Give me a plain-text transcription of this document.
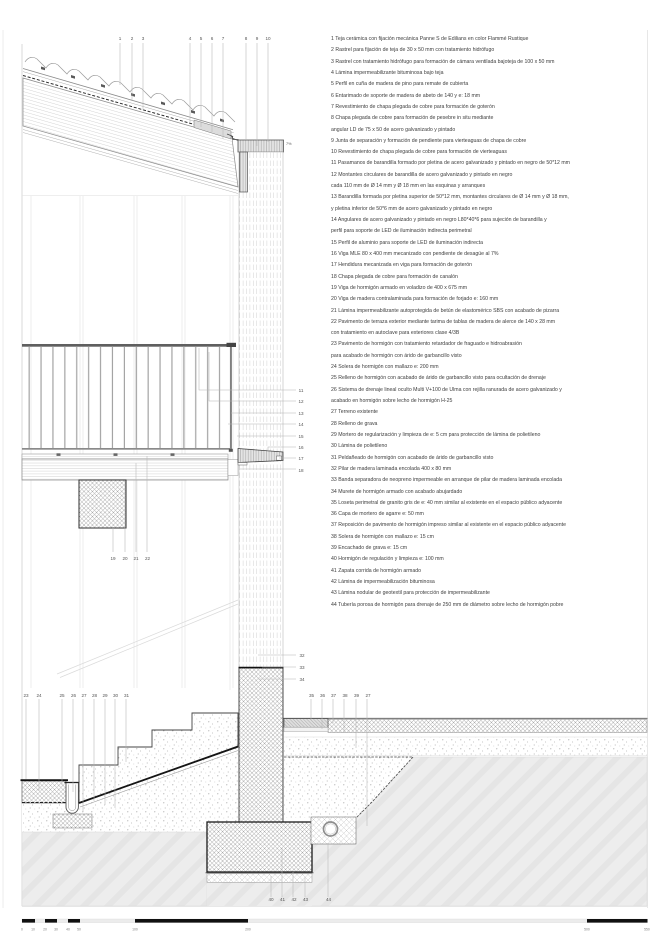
1 2 3	4 5 6 7	8 9 10
11
12
13
14
15
16
17
18
19 20 21 22
23 24	25 26 27 28 29 30 31
32
33
34
35 36 37 38 39 27
40 41 42 43	44
7%
0 10 20 30 40 50	100	200	500	550
1 Teja cerámica con fijación mecánica Panne S de Edilians en color Flammé Rustique
2 Rastrel para fijación de teja de 30 x 50 mm con tratamiento hidrófugo
3 Rastrel con tratamiento hidrófugo para formación de cámara ventilada bajoteja de 100 x 50 mm
4 Lámina impermeabilizante bituminosa bajo teja
5 Perfil en cuña de madera de pino para remate de cubierta
6 Entarimado de soporte de madera de abeto de 140 y e: 18 mm
7 Revestimiento de chapa plegada de cobre para formación de goterón
8 Chapa plegada de cobre para formación de pesebre in situ mediante
angular LD de 75 x 50 de acero galvanizado y pintado
9 Junta de separación y formación de pendiente para vierteaguas de chapa de cobre
10 Revestimiento de chapa plegada de cobre para formación de vierteaguas
11 Pasamanos de barandilla formado por pletina de acero galvanizado y pintado en negro de 50*12 mm
12 Montantes circulares de barandilla de acero galvanizado y pintado en negro
cada 110 mm de Ø 14 mm y Ø 18 mm en las esquinas y arranques
13 Barandilla formada por pletina superior de 50*12 mm, montantes circulares de Ø 14 mm y Ø 18 mm,
y pletina inferior de 50*6 mm de acero galvanizado y pintado en negro
14 Angulares de acero galvanizado y pintado en negro L80*40*6 para sujeción de barandilla y
perfil para soporte de LED de iluminación indirecta perimetral
15 Perfil de aluminio para soporte de LED de iluminación indirecta
16 Viga MLE 80 x 400 mm mecanizado con pendiente de desagüe al 7%
17 Hendidura mecanizada en viga para formación de goterón
18 Chapa plegada de cobre para formación de canalón
19 Viga de hormigón armado en voladizo de 400 x 675 mm
20 Viga de madera contralaminada para formación de forjado e: 160 mm
21 Lámina impermeabilizante autoprotegida de betún de elastomérico SBS con acabado de pizarra
22 Pavimento de terraza exterior mediante tarima de tablas de madera de alerce de 140 x 28 mm
con tratamiento en autoclave para exteriores clase 4/3B
23 Pavimento de hormigón con tratamiento retardador de fraguado e hidroabrasión
para acabado de hormigón con árido de garbancillo visto
24 Solera de hormigón con mallazo e: 200 mm
25 Relleno de hormigón con acabado de árido de garbancillo visto para ocultación de drenaje
26 Sistema de drenaje lineal oculto Multi V+100 de Ulma con rejilla ranurada de acero galvanizado y
acabado en hormigón sobre lecho de hormigón H-25
27 Terreno existente
28 Relleno de grava
29 Mortero de regularización y limpieza de e: 5 cm para protección de lámina de polietileno
30 Lámina de polietileno
31 Peldañeado de hormigón con acabado de árido de garbancillo visto
32 Pilar de madera laminada encolada 400 x 80 mm
33 Banda separadora de neopreno impermeable en arranque de pilar de madera laminada encolada
34 Murete de hormigón armado con acabado abujardado
35 Loseta perimetral de granito gris de e: 40 mm similar al existente en el espacio público adyacente
36 Capa de mortero de agarre e: 50 mm
37 Reposición de pavimento de hormigón impreso similar al existente en el espacio público adyacente
38 Solera de hormigón con mallazo e: 15 cm
39 Encachado de grava e: 15 cm
40 Hormigón de regulación y limpieza e: 100 mm
41 Zapata corrida de hormigón armado
42 Lámina de impermeabilización bituminosa
43 Lámina nodular de geotextil para protección de impermeabilizante
44 Tubería porosa de hormigón para drenaje de 250 mm de diámetro sobre lecho de hormigón pobre
